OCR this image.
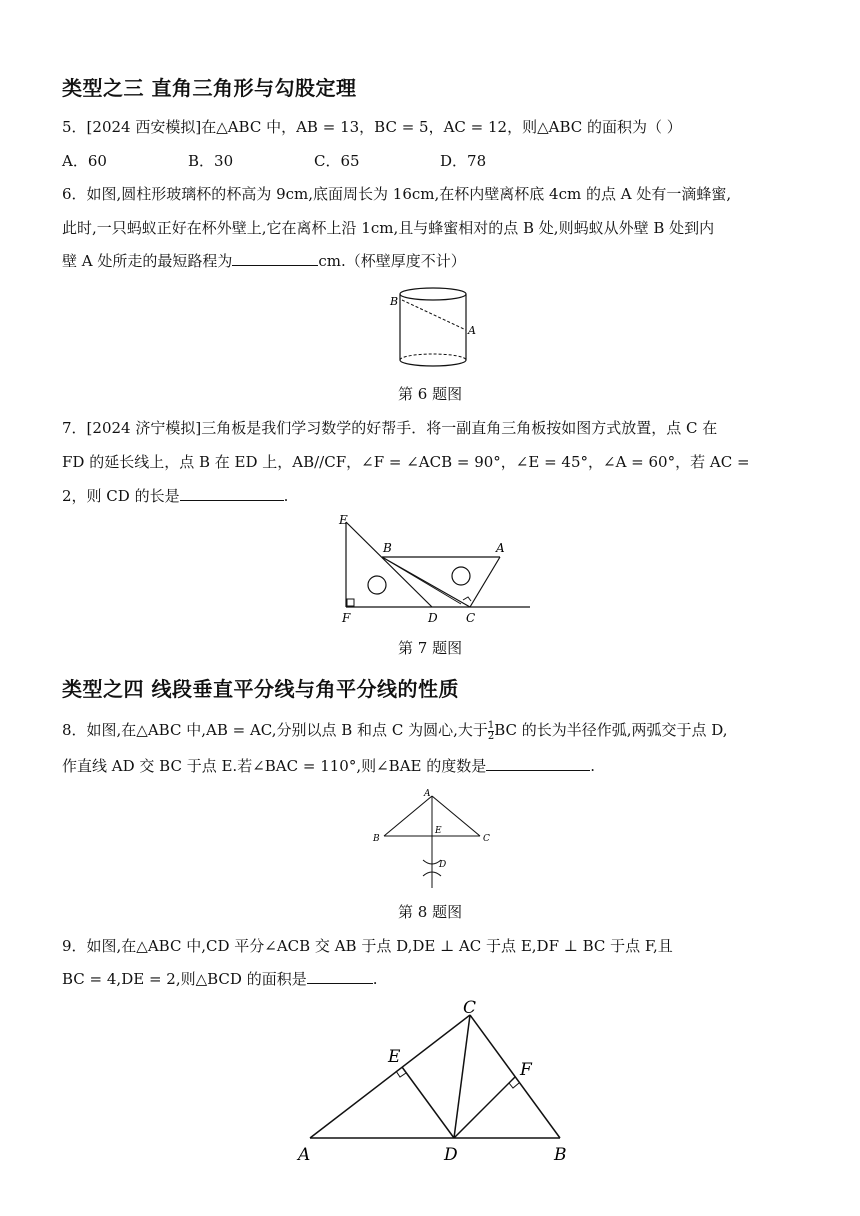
类型之三 直角三角形与勾股定理
5．[2024 西安模拟]在△ABC 中，AB = 13，BC = 5，AC = 12，则△ABC 的面积为（ ）
A．60	B．30	C．65	D．78
6．如图,圆柱形玻璃杯的杯高为 9cm,底面周长为 16cm,在杯内壁离杯底 4cm 的点 A 处有一滴蜂蜜,
此时,一只蚂蚁正好在杯外壁上,它在离杯上沿 1cm,且与蜂蜜相对的点 B 处,则蚂蚁从外壁 B 处到内
壁 A 处所走的最短路程为	cm.（杯壁厚度不计）
B
A
第 6 题图
7．[2024 济宁模拟]三角板是我们学习数学的好帮手．将一副直角三角板按如图方式放置，点 C 在
FD 的延长线上，点 B 在 ED 上，AB//CF，∠F = ∠ACB = 90°，∠E = 45°，∠A = 60°，若 AC =
2，则 CD 的长是	.
E
B	A
F	D C
第 7 题图
类型之四 线段垂直平分线与角平分线的性质
8．如图,在△ABC 中,AB = AC,分别以点 B 和点 C 为圆心,大于 $\frac{1}{2}$ BC 的长为半径作弧,两弧交于点 D,
作直线 AD 交 BC 于点 E.若∠BAC = 110°,则∠BAE 的度数是	.
A
B	C
E
D
第 8 题图
9．如图,在△ABC 中,CD 平分∠ACB 交 AB 于点 D,DE ⊥ AC 于点 E,DF ⊥ BC 于点 F,且
BC = 4,DE = 2,则△BCD 的面积是	.
C
E
F
A	D	B
